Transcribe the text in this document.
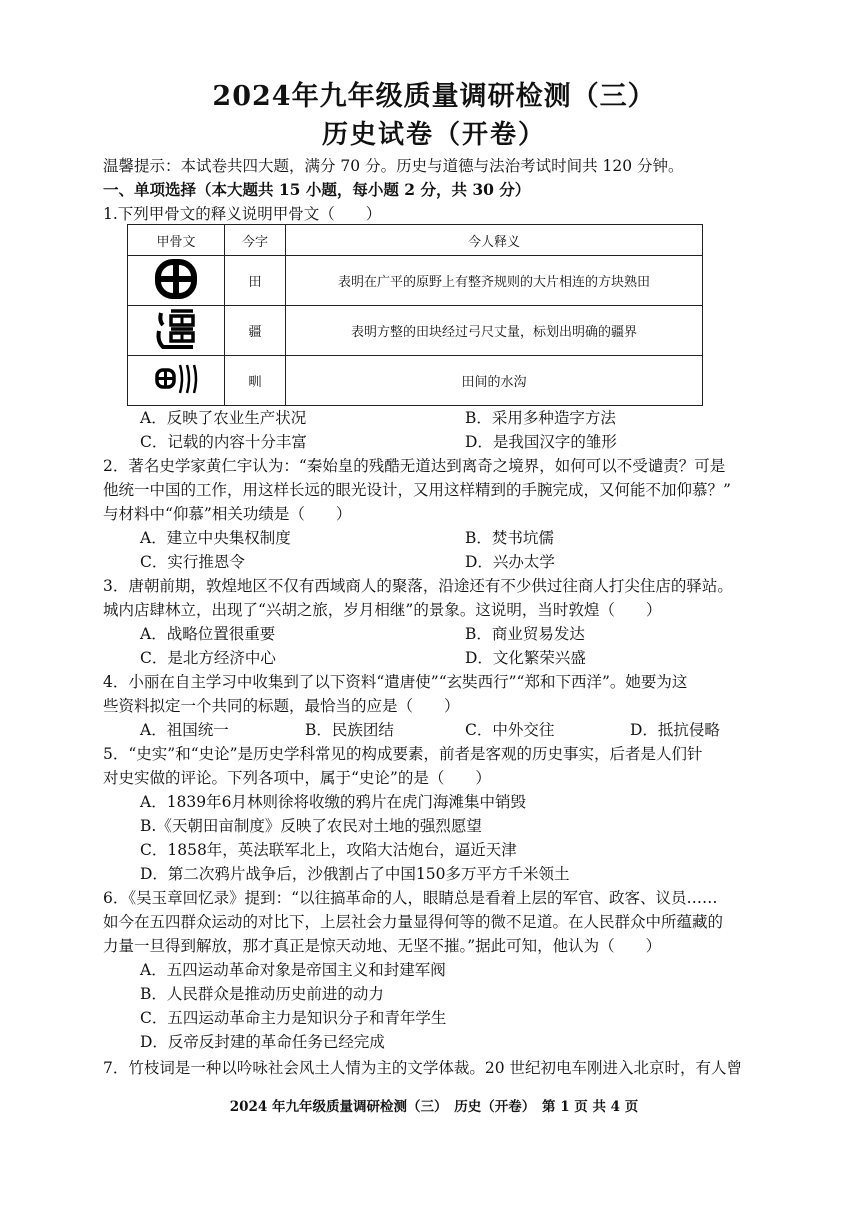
2024年九年级质量调研检测（三）
历史试卷（开卷）
温馨提示：本试卷共四大题，满分 70 分。历史与道德与法治考试时间共 120 分钟。
一、单项选择（本大题共 15 小题，每小题 2 分，共 30 分）
1.下列甲骨文的释义说明甲骨文（　　）
甲骨文	今字	今人释义
	田	表明在广平的原野上有整齐规则的大片相连的方块熟田
	疆	表明方整的田块经过弓尺丈量，标划出明确的疆界
	甽	田间的水沟
A．反映了农业生产状况	B．采用多种造字方法
C．记载的内容十分丰富	D．是我国汉字的雏形
2．著名史学家黄仁宇认为：“秦始皇的残酷无道达到离奇之境界，如何可以不受谴责？可是
他统一中国的工作，用这样长远的眼光设计，又用这样精到的手腕完成，又何能不加仰慕？”
与材料中“仰慕”相关功绩是（　　）
A．建立中央集权制度	B．焚书坑儒
C．实行推恩令	D．兴办太学
3．唐朝前期，敦煌地区不仅有西域商人的聚落，沿途还有不少供过往商人打尖住店的驿站。
城内店肆林立，出现了“兴胡之旅，岁月相继”的景象。这说明，当时敦煌（　　）
A．战略位置很重要	B．商业贸易发达
C．是北方经济中心	D．文化繁荣兴盛
4．小丽在自主学习中收集到了以下资料“遣唐使”“玄奘西行”“郑和下西洋”。她要为这
些资料拟定一个共同的标题，最恰当的应是（　　）
A．祖国统一	B．民族团结	C．中外交往	D．抵抗侵略
5．“史实”和“史论”是历史学科常见的构成要素，前者是客观的历史事实，后者是人们针
对史实做的评论。下列各项中，属于“史论”的是（　　）
A．1839年6月林则徐将收缴的鸦片在虎门海滩集中销毁
B.《天朝田亩制度》反映了农民对土地的强烈愿望
C．1858年，英法联军北上，攻陷大沽炮台，逼近天津
D．第二次鸦片战争后，沙俄割占了中国150多万平方千米领土
6．《吴玉章回忆录》提到：“以往搞革命的人，眼睛总是看着上层的军官、政客、议员……
如今在五四群众运动的对比下，上层社会力量显得何等的微不足道。在人民群众中所蕴藏的
力量一旦得到解放，那才真正是惊天动地、无坚不摧。”据此可知，他认为（　　）
A．五四运动革命对象是帝国主义和封建军阀
B．人民群众是推动历史前进的动力
C．五四运动革命主力是知识分子和青年学生
D．反帝反封建的革命任务已经完成
7．竹枝词是一种以吟咏社会风土人情为主的文学体裁。20 世纪初电车刚进入北京时，有人曾
2024 年九年级质量调研检测（三）　历史（开卷）　第 1 页 共 4 页
